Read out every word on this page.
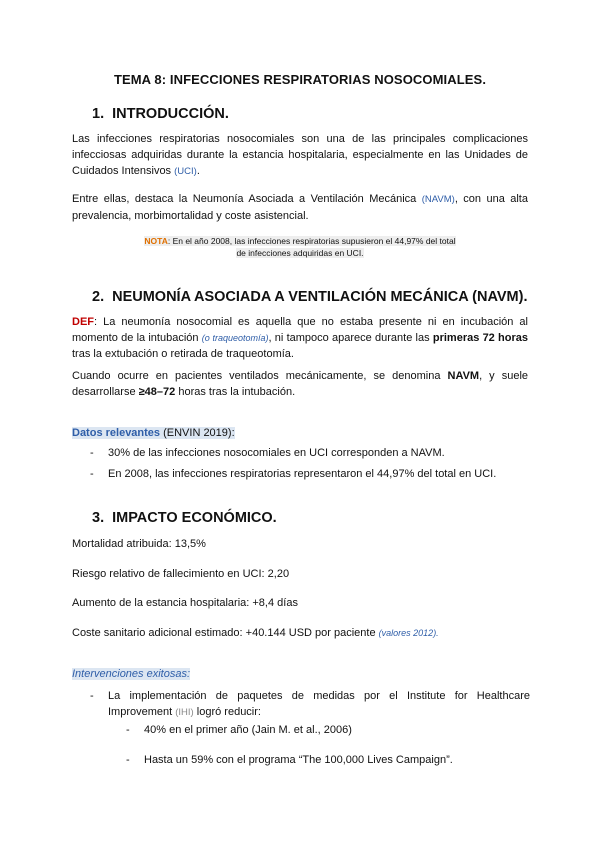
TEMA 8: INFECCIONES RESPIRATORIAS NOSOCOMIALES.
1. INTRODUCCIÓN.
Las infecciones respiratorias nosocomiales son una de las principales complicaciones infecciosas adquiridas durante la estancia hospitalaria, especialmente en las Unidades de Cuidados Intensivos (UCI).
Entre ellas, destaca la Neumonía Asociada a Ventilación Mecánica (NAVM), con una alta prevalencia, morbimortalidad y coste asistencial.
NOTA: En el año 2008, las infecciones respiratorias supusieron el 44,97% del total
de infecciones adquiridas en UCI.
2. NEUMONÍA ASOCIADA A VENTILACIÓN MECÁNICA (NAVM).
DEF: La neumonía nosocomial es aquella que no estaba presente ni en incubación al momento de la intubación (o traqueotomía), ni tampoco aparece durante las primeras 72 horas tras la extubación o retirada de traqueotomía.
Cuando ocurre en pacientes ventilados mecánicamente, se denomina NAVM, y suele desarrollarse ≥48–72 horas tras la intubación.
Datos relevantes (ENVIN 2019):
- 30% de las infecciones nosocomiales en UCI corresponden a NAVM.
- En 2008, las infecciones respiratorias representaron el 44,97% del total en UCI.
3. IMPACTO ECONÓMICO.
Mortalidad atribuida: 13,5%
Riesgo relativo de fallecimiento en UCI: 2,20
Aumento de la estancia hospitalaria: +8,4 días
Coste sanitario adicional estimado: +40.144 USD por paciente (valores 2012).
Intervenciones exitosas:
- La implementación de paquetes de medidas por el Institute for Healthcare Improvement (IHI) logró reducir:
- 40% en el primer año (Jain M. et al., 2006)
- Hasta un 59% con el programa “The 100,000 Lives Campaign”.
